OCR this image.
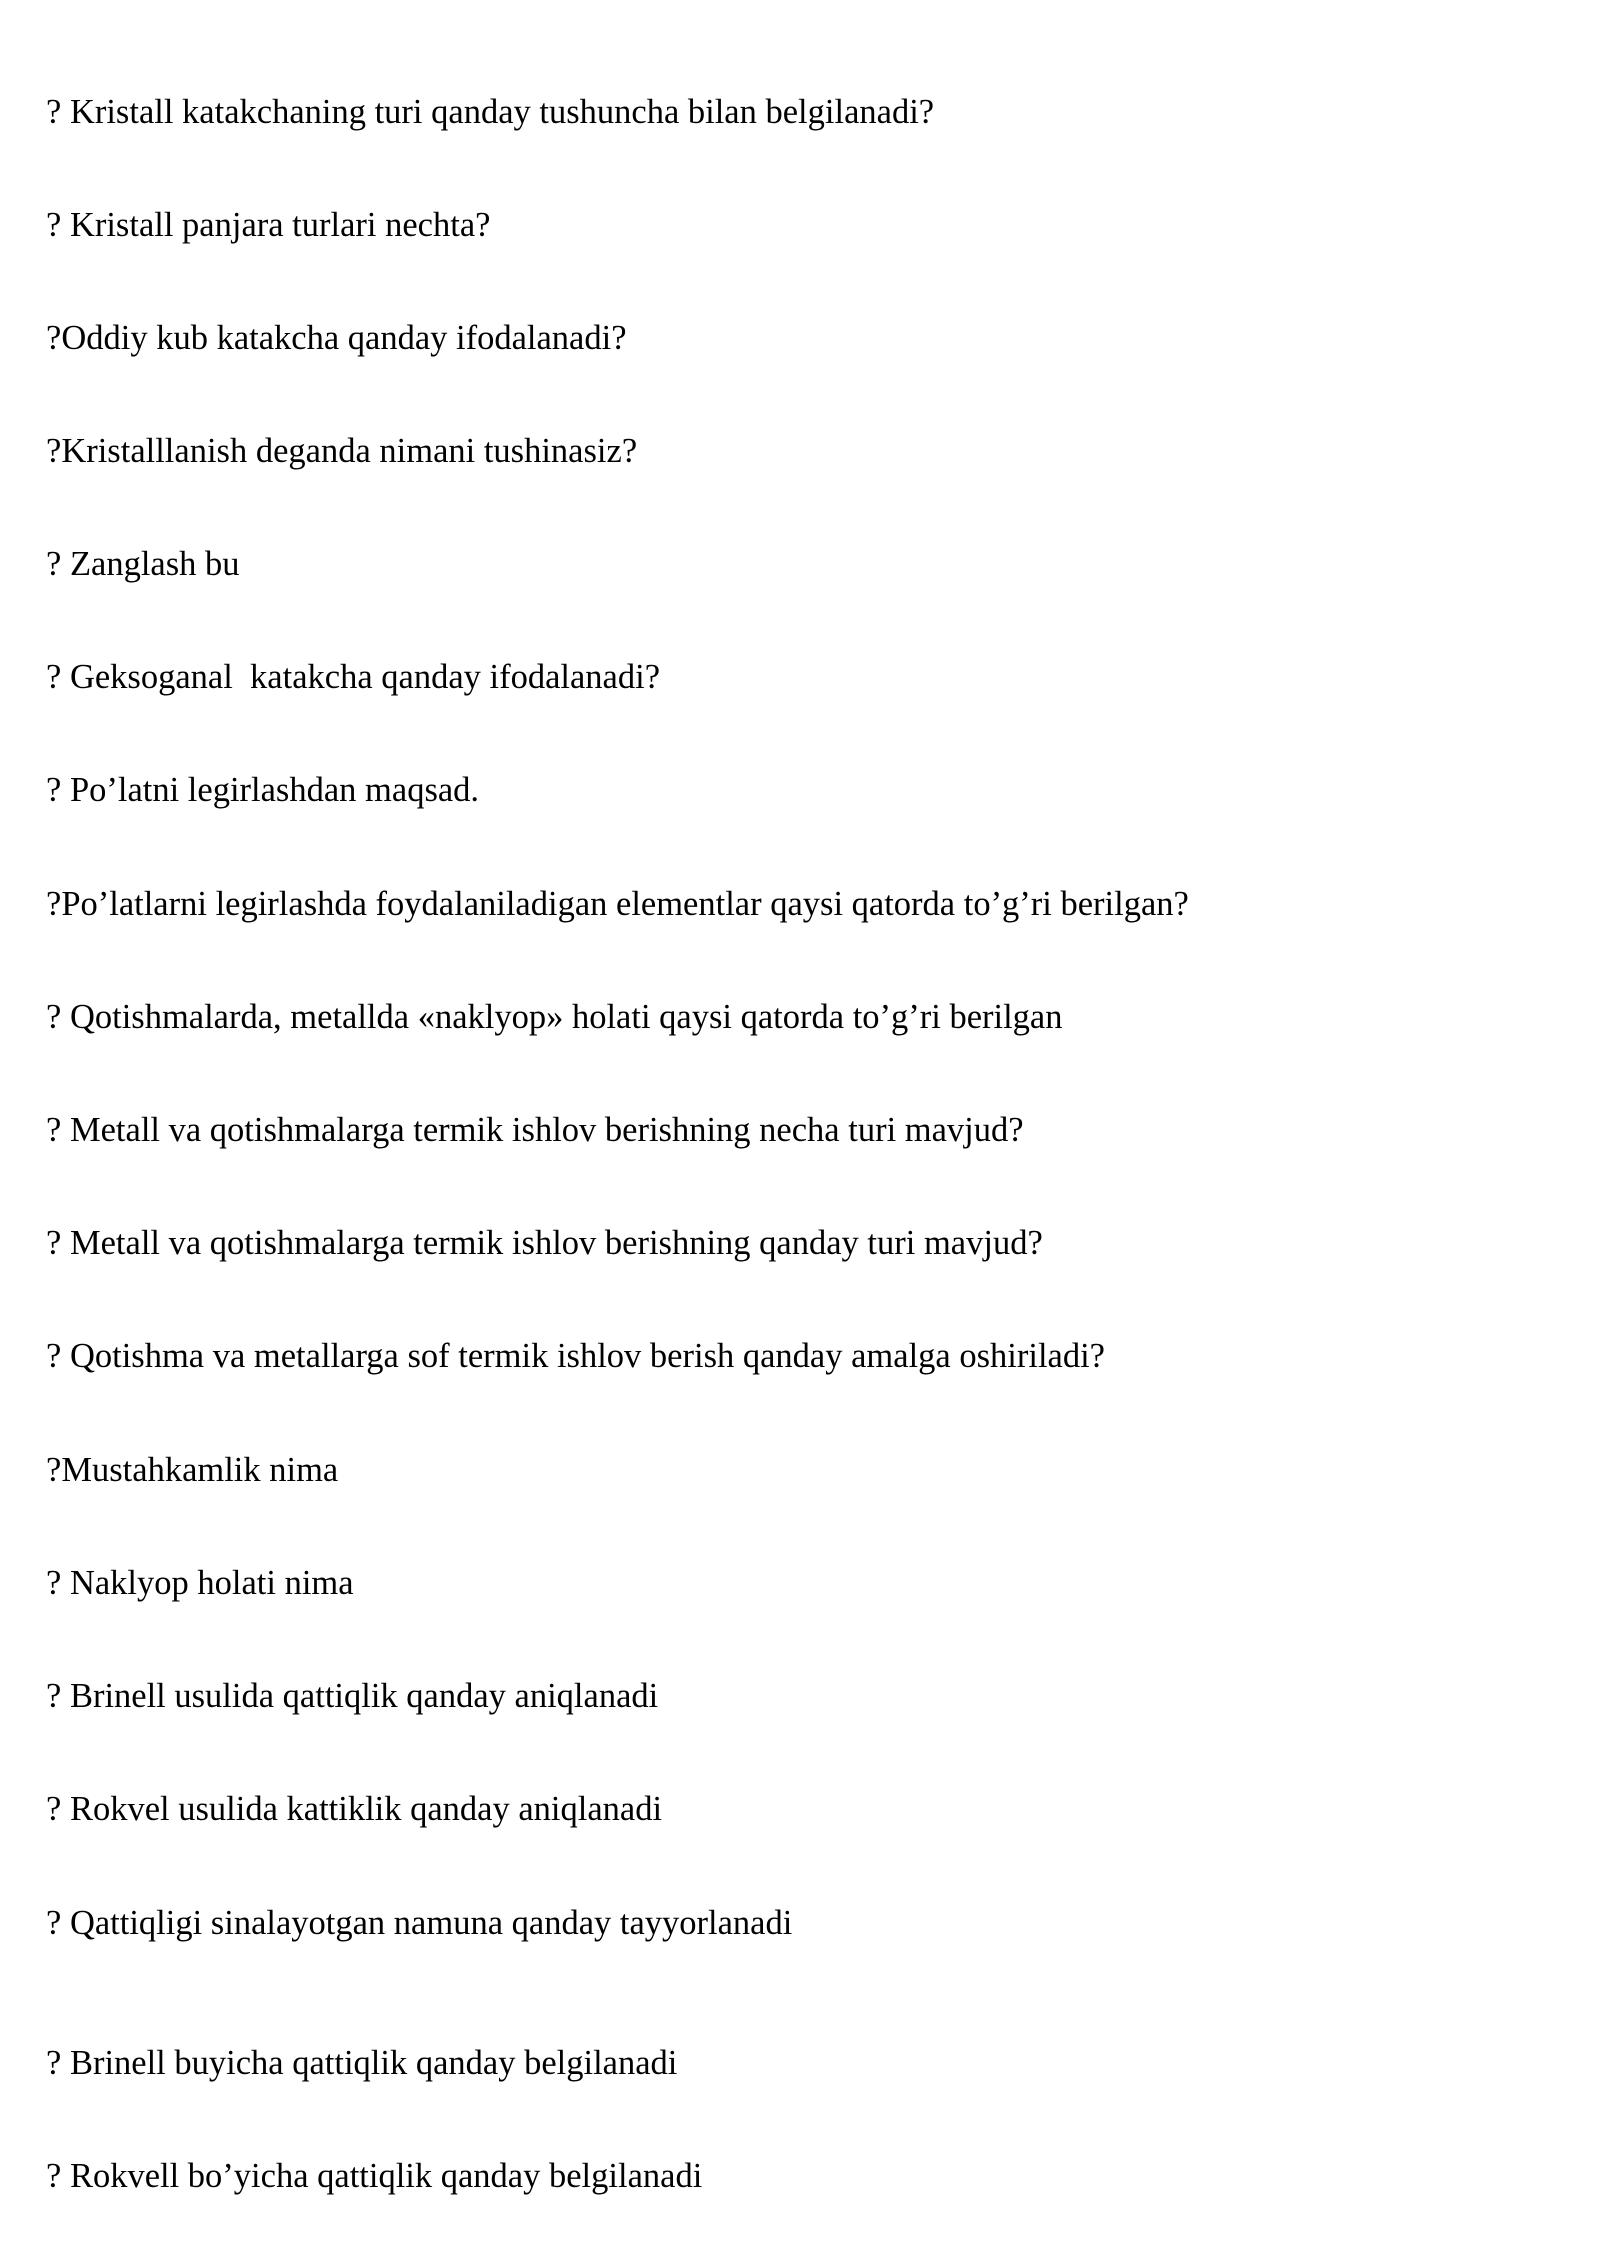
? Kristall katakchaning turi qanday tushuncha bilan belgilanadi?

? Kristall panjara turlari nechta?

?Oddiy kub katakcha qanday ifodalanadi?

?Kristalllanish deganda nimani tushinasiz?

? Zanglash bu

? Geksoganal  katakcha qanday ifodalanadi?

? Po’latni legirlashdan maqsad.

?Po’latlarni legirlashda foydalaniladigan elementlar qaysi qatorda to’g’ri berilgan?

? Qotishmalarda, metallda «naklyop» holati qaysi qatorda to’g’ri berilgan

? Metall va qotishmalarga termik ishlov berishning necha turi mavjud?

? Metall va qotishmalarga termik ishlov berishning qanday turi mavjud?

? Qotishma va metallarga sof termik ishlov berish qanday amalga oshiriladi?

?Mustahkamlik nima

? Naklyop holati nima

? Brinell usulida qattiqlik qanday aniqlanadi

? Rokvel usulida kattiklik qanday aniqlanadi

? Qattiqligi sinalayotgan namuna qanday tayyorlanadi

? Brinell buyicha qattiqlik qanday belgilanadi

? Rokvell bo’yicha qattiqlik qanday belgilanadi
